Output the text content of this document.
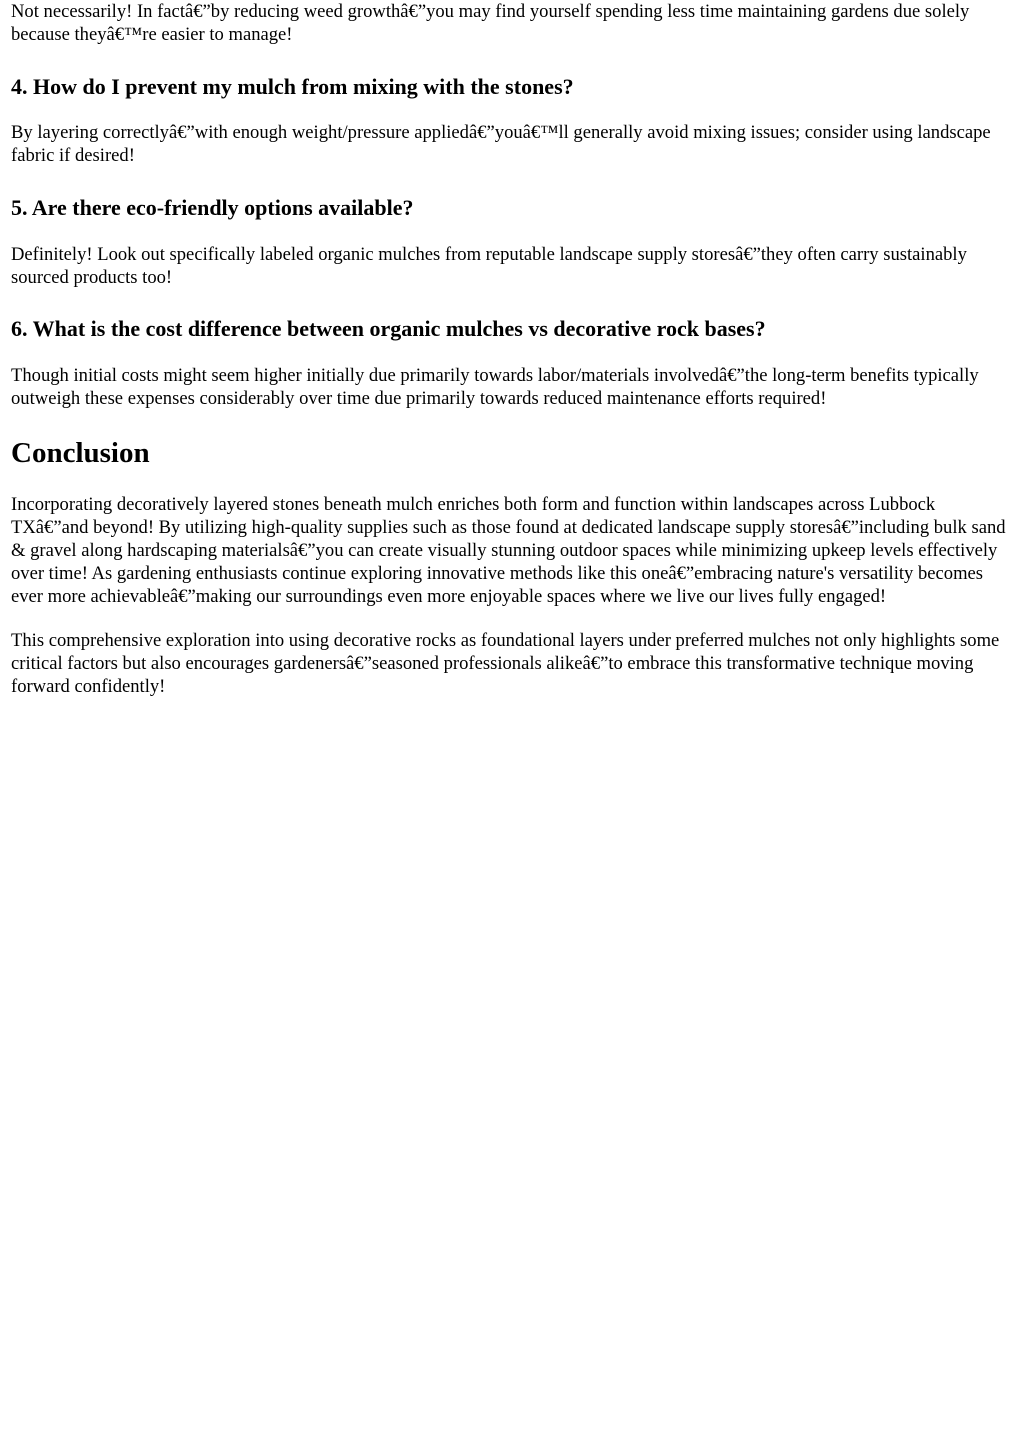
Not necessarily! In factâ€”by reducing weed growthâ€”you may find yourself spending less time maintaining gardens due solely because theyâ€™re easier to manage!

4. How do I prevent my mulch from mixing with the stones?

By layering correctlyâ€”with enough weight/pressure appliedâ€”youâ€™ll generally avoid mixing issues; consider using landscape fabric if desired!

5. Are there eco-friendly options available?

Definitely! Look out specifically labeled organic mulches from reputable landscape supply storesâ€”they often carry sustainably sourced products too!

6. What is the cost difference between organic mulches vs decorative rock bases?

Though initial costs might seem higher initially due primarily towards labor/materials involvedâ€”the long-term benefits typically outweigh these expenses considerably over time due primarily towards reduced maintenance efforts required!

Conclusion

Incorporating decoratively layered stones beneath mulch enriches both form and function within landscapes across Lubbock TXâ€”and beyond! By utilizing high-quality supplies such as those found at dedicated landscape supply storesâ€”including bulk sand & gravel along hardscaping materialsâ€”you can create visually stunning outdoor spaces while minimizing upkeep levels effectively over time! As gardening enthusiasts continue exploring innovative methods like this oneâ€”embracing nature's versatility becomes ever more achievableâ€”making our surroundings even more enjoyable spaces where we live our lives fully engaged!

This comprehensive exploration into using decorative rocks as foundational layers under preferred mulches not only highlights some critical factors but also encourages gardenersâ€”seasoned professionals alikeâ€”to embrace this transformative technique moving forward confidently!
